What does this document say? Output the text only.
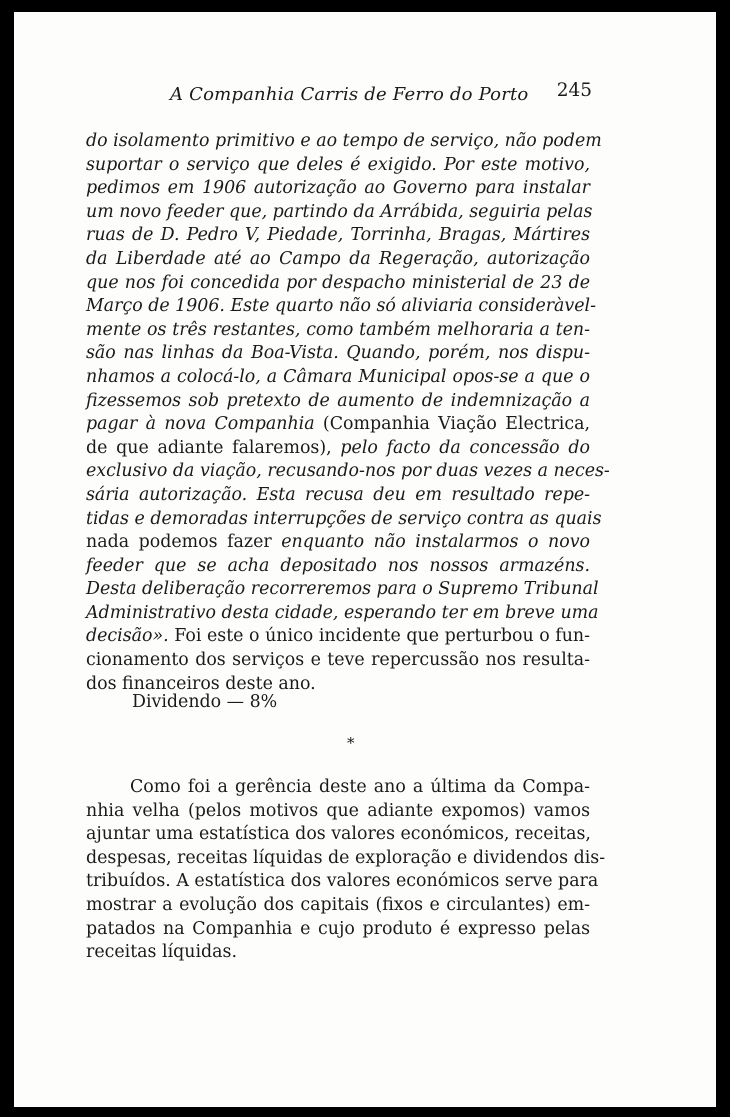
A Companhia Carris de Ferro do Porto 245
do isolamento primitivo e ao tempo de serviço, não podem
suportar o serviço que deles é exigido. Por este motivo,
pedimos em 1906 autorização ao Governo para instalar
um novo feeder que, partindo da Arrábida, seguiria pelas
ruas de D. Pedro V, Piedade, Torrinha, Bragas, Mártires
da Liberdade até ao Campo da Regeração, autorização
que nos foi concedida por despacho ministerial de 23 de
Março de 1906. Este quarto não só aliviaria consideràvel-
mente os três restantes, como também melhoraria a ten-
são nas linhas da Boa-Vista. Quando, porém, nos dispu-
nhamos a colocá-lo, a Câmara Municipal opos-se a que o
fizessemos sob pretexto de aumento de indemnização a
pagar à nova Companhia (Companhia Viação Electrica,
de que adiante falaremos), pelo facto da concessão do
exclusivo da viação, recusando-nos por duas vezes a neces-
sária autorização. Esta recusa deu em resultado repe-
tidas e demoradas interrupções de serviço contra as quais
nada podemos fazer enquanto não instalarmos o novo
feeder que se acha depositado nos nossos armazéns.
Desta deliberação recorreremos para o Supremo Tribunal
Administrativo desta cidade, esperando ter em breve uma
decisão». Foi este o único incidente que perturbou o fun-
cionamento dos serviços e teve repercussão nos resulta-
dos financeiros deste ano.
Dividendo — 8%
*
Como foi a gerência deste ano a última da Compa-
nhia velha (pelos motivos que adiante expomos) vamos
ajuntar uma estatística dos valores económicos, receitas,
despesas, receitas líquidas de exploração e dividendos dis-
tribuídos. A estatística dos valores económicos serve para
mostrar a evolução dos capitais (fixos e circulantes) em-
patados na Companhia e cujo produto é expresso pelas
receitas líquidas.
